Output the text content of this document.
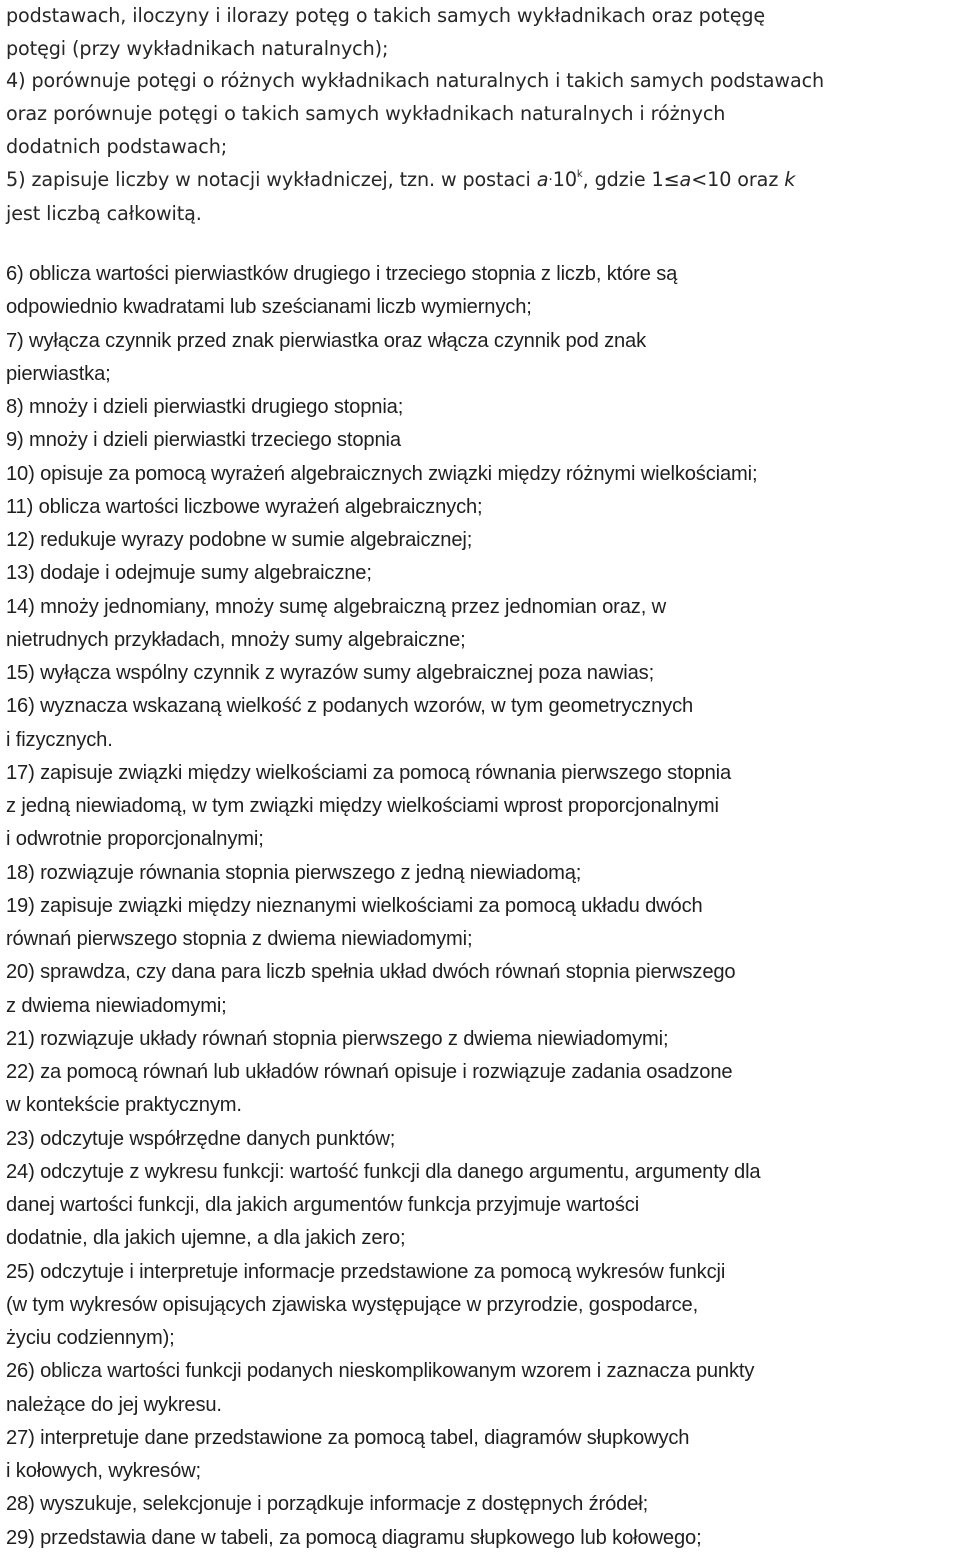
podstawach, iloczyny i ilorazy potęg o takich samych wykładnikach oraz potęgę
potęgi (przy wykładnikach naturalnych);
4) porównuje potęgi o różnych wykładnikach naturalnych i takich samych podstawach
oraz porównuje potęgi o takich samych wykładnikach naturalnych i różnych
dodatnich podstawach;
5) zapisuje liczby w notacji wykładniczej, tzn. w postaci $a\cdot 10^k$, gdzie 1≤a<10 oraz k
jest liczbą całkowitą.
6) oblicza wartości pierwiastków drugiego i trzeciego stopnia z liczb, które są
odpowiednio kwadratami lub sześcianami liczb wymiernych;
7) wyłącza czynnik przed znak pierwiastka oraz włącza czynnik pod znak
pierwiastka;
8) mnoży i dzieli pierwiastki drugiego stopnia;
9) mnoży i dzieli pierwiastki trzeciego stopnia
10) opisuje za pomocą wyrażeń algebraicznych związki między różnymi wielkościami;
11) oblicza wartości liczbowe wyrażeń algebraicznych;
12) redukuje wyrazy podobne w sumie algebraicznej;
13) dodaje i odejmuje sumy algebraiczne;
14) mnoży jednomiany, mnoży sumę algebraiczną przez jednomian oraz, w
nietrudnych przykładach, mnoży sumy algebraiczne;
15) wyłącza wspólny czynnik z wyrazów sumy algebraicznej poza nawias;
16) wyznacza wskazaną wielkość z podanych wzorów, w tym geometrycznych
i fizycznych.
17) zapisuje związki między wielkościami za pomocą równania pierwszego stopnia
z jedną niewiadomą, w tym związki między wielkościami wprost proporcjonalnymi
i odwrotnie proporcjonalnymi;
18) rozwiązuje równania stopnia pierwszego z jedną niewiadomą;
19) zapisuje związki między nieznanymi wielkościami za pomocą układu dwóch
równań pierwszego stopnia z dwiema niewiadomymi;
20) sprawdza, czy dana para liczb spełnia układ dwóch równań stopnia pierwszego
z dwiema niewiadomymi;
21) rozwiązuje układy równań stopnia pierwszego z dwiema niewiadomymi;
22) za pomocą równań lub układów równań opisuje i rozwiązuje zadania osadzone
w kontekście praktycznym.
23) odczytuje współrzędne danych punktów;
24) odczytuje z wykresu funkcji: wartość funkcji dla danego argumentu, argumenty dla
danej wartości funkcji, dla jakich argumentów funkcja przyjmuje wartości
dodatnie, dla jakich ujemne, a dla jakich zero;
25) odczytuje i interpretuje informacje przedstawione za pomocą wykresów funkcji
(w tym wykresów opisujących zjawiska występujące w przyrodzie, gospodarce,
życiu codziennym);
26) oblicza wartości funkcji podanych nieskomplikowanym wzorem i zaznacza punkty
należące do jej wykresu.
27) interpretuje dane przedstawione za pomocą tabel, diagramów słupkowych
i kołowych, wykresów;
28) wyszukuje, selekcjonuje i porządkuje informacje z dostępnych źródeł;
29) przedstawia dane w tabeli, za pomocą diagramu słupkowego lub kołowego;
